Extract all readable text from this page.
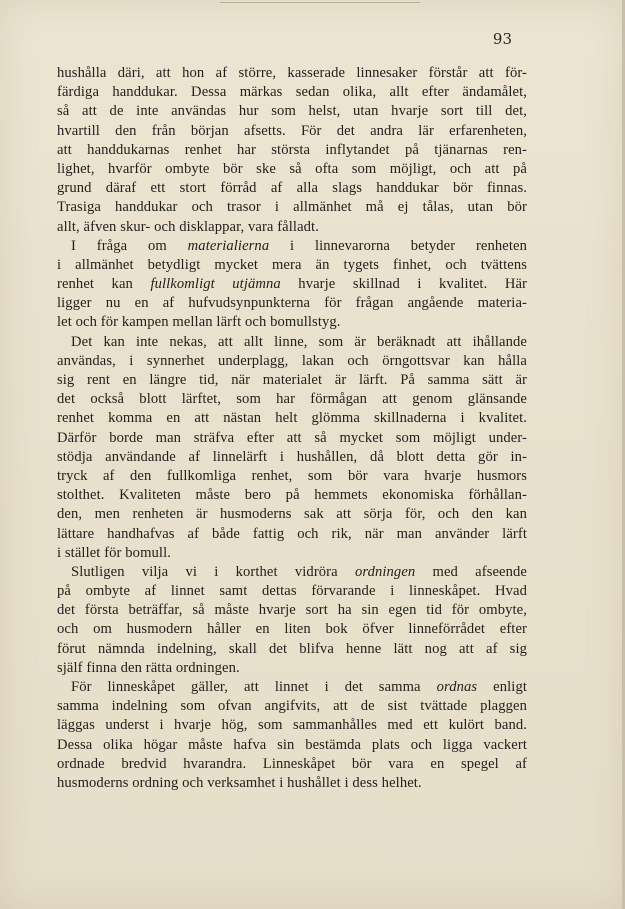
93
hushålla däri, att hon af större, kasserade linnesaker förstår att för-
färdiga handdukar. Dessa märkas sedan olika, allt efter ändamålet,
så att de inte användas hur som helst, utan hvarje sort till det,
hvartill den från början afsetts. För det andra lär erfarenheten,
att handdukarnas renhet har största inflytandet på tjänarnas ren-
lighet, hvarför ombyte bör ske så ofta som möjligt, och att på
grund däraf ett stort förråd af alla slags handdukar bör finnas.
Trasiga handdukar och trasor i allmänhet må ej tålas, utan bör
allt, äfven skur- och disklappar, vara fålladt.
I fråga om materialierna i linnevarorna betyder renheten
i allmänhet betydligt mycket mera än tygets finhet, och tvättens
renhet kan fullkomligt utjämna hvarje skillnad i kvalitet. Här
ligger nu en af hufvudsynpunkterna för frågan angående materia-
let och för kampen mellan lärft och bomullstyg.
Det kan inte nekas, att allt linne, som är beräknadt att ihållande
användas, i synnerhet underplagg, lakan och örngottsvar kan hålla
sig rent en längre tid, när materialet är lärft. På samma sätt är
det också blott lärftet, som har förmågan att genom glänsande
renhet komma en att nästan helt glömma skillnaderna i kvalitet.
Därför borde man sträfva efter att så mycket som möjligt under-
stödja användande af linnelärft i hushållen, då blott detta gör in-
tryck af den fullkomliga renhet, som bör vara hvarje husmors
stolthet. Kvaliteten måste bero på hemmets ekonomiska förhållan-
den, men renheten är husmoderns sak att sörja för, och den kan
lättare handhafvas af både fattig och rik, när man använder lärft
i stället för bomull.
Slutligen vilja vi i korthet vidröra ordningen med afseende
på ombyte af linnet samt dettas förvarande i linneskåpet. Hvad
det första beträffar, så måste hvarje sort ha sin egen tid för ombyte,
och om husmodern håller en liten bok öfver linneförrådet efter
förut nämnda indelning, skall det blifva henne lätt nog att af sig
själf finna den rätta ordningen.
För linneskåpet gäller, att linnet i det samma ordnas enligt
samma indelning som ofvan angifvits, att de sist tvättade plaggen
läggas underst i hvarje hög, som sammanhålles med ett kulört band.
Dessa olika högar måste hafva sin bestämda plats och ligga vackert
ordnade bredvid hvarandra. Linneskåpet bör vara en spegel af
husmoderns ordning och verksamhet i hushållet i dess helhet.
